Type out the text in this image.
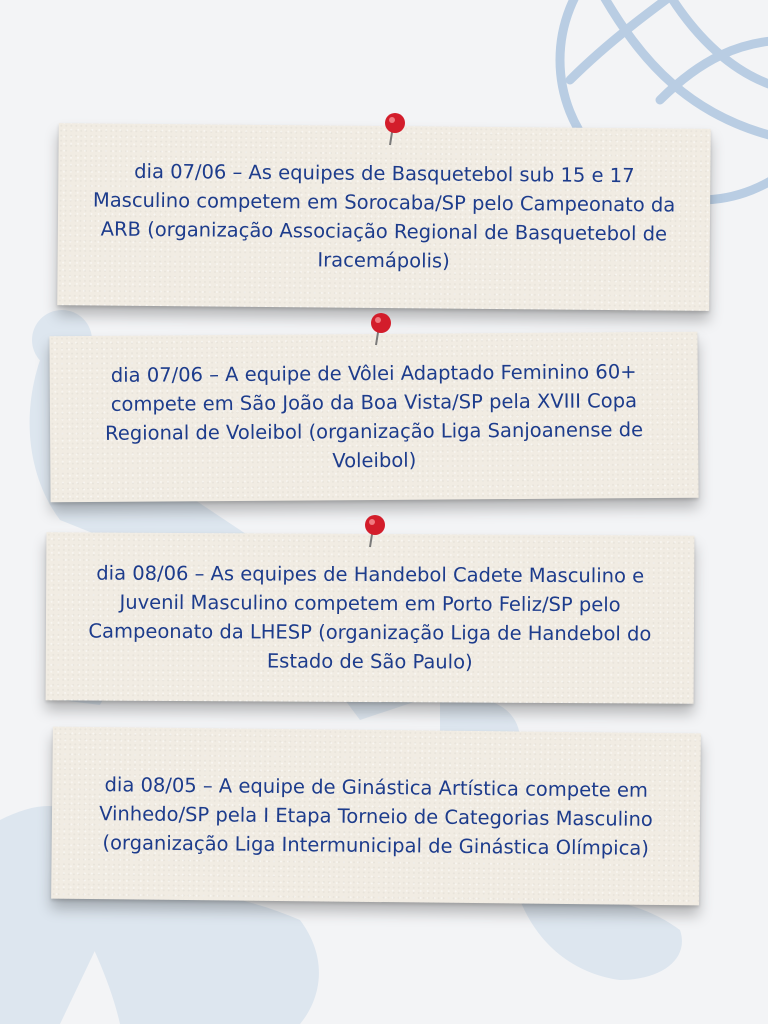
dia 07/06 – As equipes de Basquetebol sub 15 e 17 Masculino competem em Sorocaba/SP pelo Campeonato da ARB (organização Associação Regional de Basquetebol de Iracemápolis)

dia 07/06 – A equipe de Vôlei Adaptado Feminino 60+ compete em São João da Boa Vista/SP pela XVIII Copa Regional de Voleibol (organização Liga Sanjoanense de Voleibol)

dia 08/06 – As equipes de Handebol Cadete Masculino e Juvenil Masculino competem em Porto Feliz/SP pelo Campeonato da LHESP (organização Liga de Handebol do Estado de São Paulo)

dia 08/05 – A equipe de Ginástica Artística compete em Vinhedo/SP pela I Etapa Torneio de Categorias Masculino (organização Liga Intermunicipal de Ginástica Olímpica)
